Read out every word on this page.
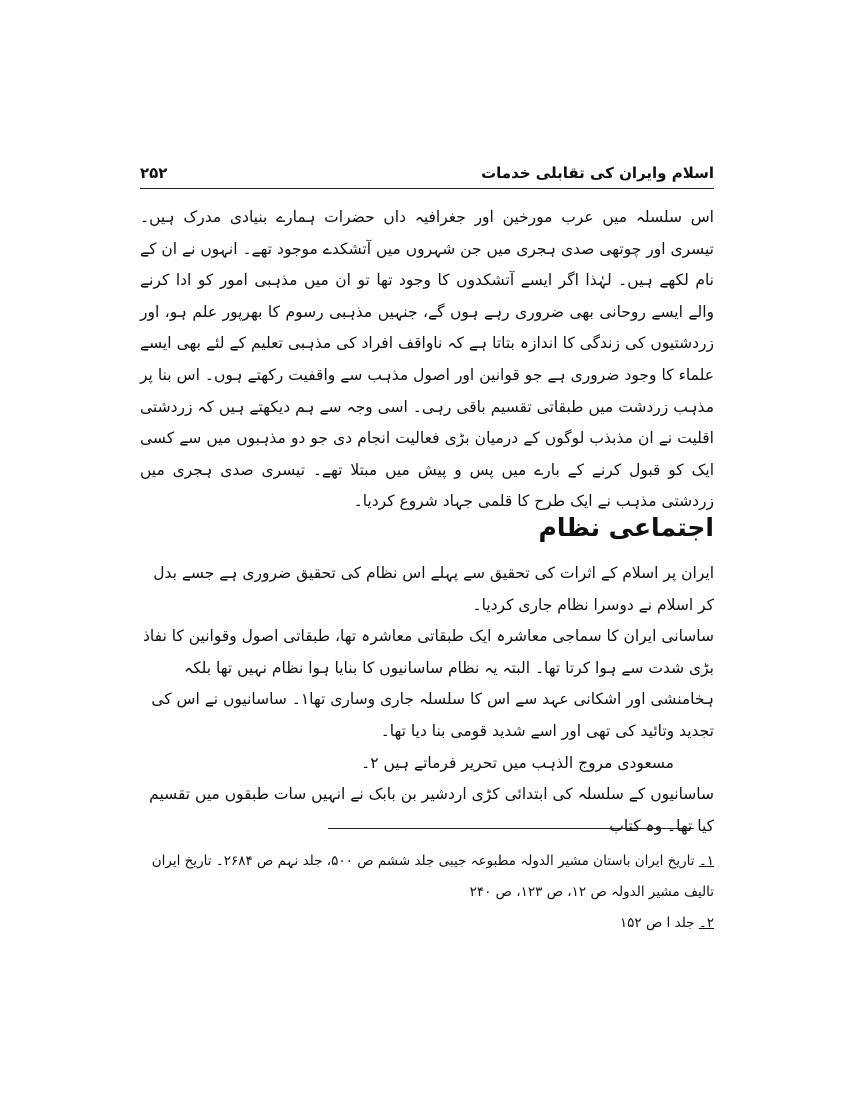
اسلام وایران کی تقابلی خدمات
۲۵۲

اس سلسلہ میں عرب مورخین اور جغرافیہ داں حضرات ہمارے بنیادی مدرک ہیں۔ تیسری اور چوتھی صدی ہجری میں جن شہروں میں آتشکدے موجود تھے۔ انہوں نے ان کے نام لکھے ہیں۔ لہٰذا اگر ایسے آتشکدوں کا وجود تھا تو ان میں مذہبی امور کو ادا کرنے والے ایسے روحانی بھی ضروری رہے ہوں گے، جنہیں مذہبی رسوم کا بھرپور علم ہو، اور زردشتیوں کی زندگی کا اندازہ بتاتا ہے کہ ناواقف افراد کی مذہبی تعلیم کے لئے بھی ایسے علماء کا وجود ضروری ہے جو قوانین اور اصول مذہب سے واقفیت رکھتے ہوں۔ اس بنا پر مذہب زردشت میں طبقاتی تقسیم باقی رہی۔ اسی وجہ سے ہم دیکھتے ہیں کہ زردشتی اقلیت نے ان مذبذب لوگوں کے درمیان بڑی فعالیت انجام دی جو دو مذہبوں میں سے کسی ایک کو قبول کرنے کے بارے میں پس و پیش میں مبتلا تھے۔ تیسری صدی ہجری میں زردشتی مذہب نے ایک طرح کا قلمی جہاد شروع کردیا۔

اجتماعی نظام

ایران پر اسلام کے اثرات کی تحقیق سے پہلے اس نظام کی تحقیق ضروری ہے جسے بدل کر اسلام نے دوسرا نظام جاری کردیا۔

ساسانی ایران کا سماجی معاشرہ ایک طبقاتی معاشرہ تھا، طبقاتی اصول وقوانین کا نفاذ بڑی شدت سے ہوا کرتا تھا۔ البتہ یہ نظام ساسانیوں کا بنایا ہوا نظام نہیں تھا بلکہ ہخامنشی اور اشکانی عہد سے اس کا سلسلہ جاری وساری تھا۱۔ ساسانیوں نے اس کی تجدید وتائید کی تھی اور اسے شدید قومی بنا دیا تھا۔

مسعودی مروج الذہب میں تحریر فرماتے ہیں ۲۔

ساسانیوں کے سلسلہ کی ابتدائی کڑی اردشیر بن بابک نے انہیں سات طبقوں میں تقسیم کیا تھا۔ وہ کتاب

۱۔ تاریخ ایران باستان مشیر الدولہ مطبوعہ جیبی جلد ششم ص ۵۰۰، جلد نہم ص ۲۶۸۴۔ تاریخ ایران تالیف مشیر الدولہ ص ۱۲، ص ۱۲۳، ص ۲۴۰

۲۔ جلد ا ص ۱۵۲
